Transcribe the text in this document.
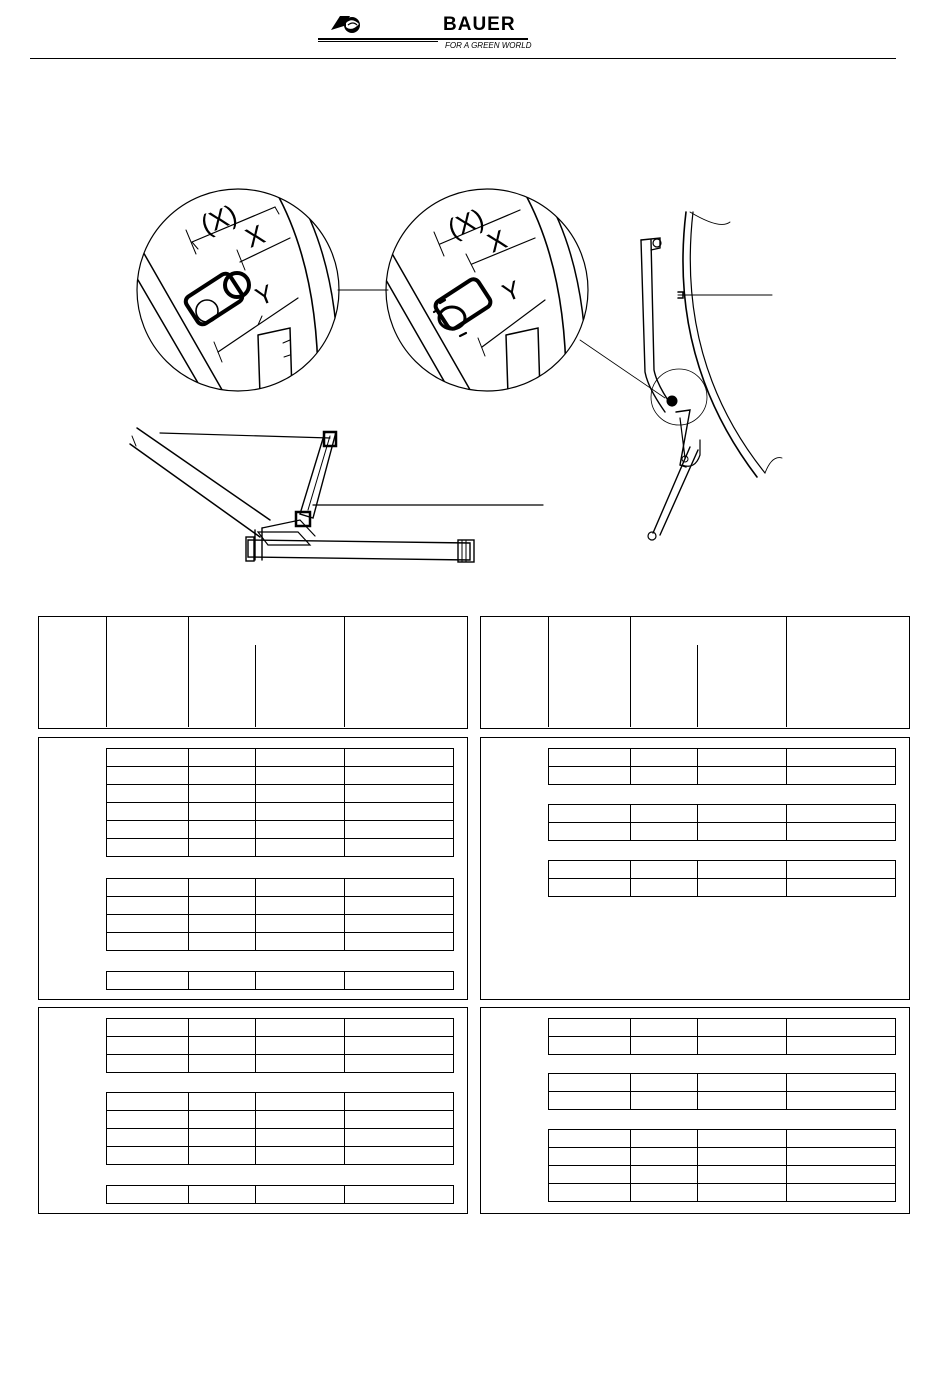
BAUER
FOR A GREEN WORLD
(X) X
Y
(X)
X
Y
